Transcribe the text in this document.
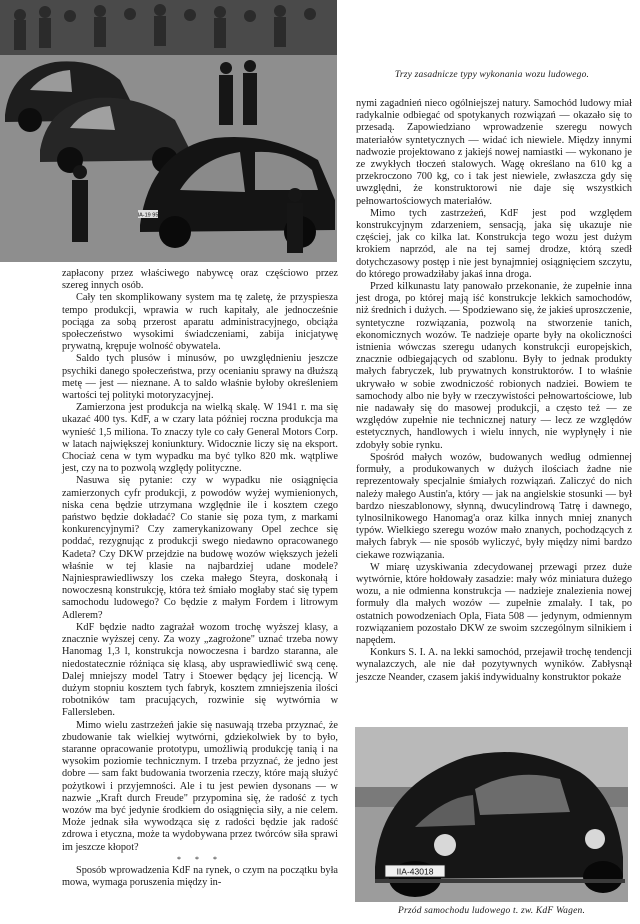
IA-19 95
Trzy zasadnicze typy wykonania wozu ludowego.

zapłacony przez właściwego nabywcę oraz częściowo przez szereg innych osób.

Cały ten skomplikowany system ma tę zaletę, że przyspiesza tempo produkcji, wprawia w ruch kapitały, ale jednocześnie pociąga za sobą przerost aparatu administracyjnego, obciąża społeczeństwo wysokimi świadczeniami, zabija inicjatywę prywatną, krępuje wolność obywatela.

Saldo tych plusów i minusów, po uwzględnieniu jeszcze psychiki danego społeczeństwa, przy ocenianiu sprawy na dłuższą metę — jest — nieznane. A to saldo właśnie byłoby określeniem wartości tej polityki motoryzacyjnej.

Zamierzona jest produkcja na wielką skalę. W 1941 r. ma się ukazać 400 tys. KdF, a w czary lata później roczna produkcja ma wynieść 1,5 miliona. To znaczy tyle co cały General Motors Corp. w latach największej koniunktury. Widocznie liczy się na eksport. Chociaż cena w tym wypadku ma być tylko 820 mk. wątpliwe jest, czy na to pozwolą względy polityczne.

Nasuwa się pytanie: czy w wypadku nie osiągnięcia zamierzonych cyfr produkcji, z powodów wyżej wymienionych, niska cena będzie utrzymana względnie ile i kosztem czego państwo będzie dokładać? Co stanie się poza tym, z markami konkurencyjnymi? Czy zamerykanizowany Opel zechce się poddać, rezygnując z produkcji swego niedawno opracowanego Kadeta? Czy DKW przejdzie na budowę wozów większych jeżeli właśnie w tej klasie na najbardziej udane modele? Najniesprawiedliwszy los czeka małego Steyra, doskonałą i nowoczesną konstrukcję, która też śmiało mogłaby stać się typem samochodu ludowego? Co będzie z małym Fordem i litrowym Adlerem?

KdF będzie nadto zagrażał wozom trochę wyższej klasy, a znacznie wyższej ceny. Za wozy „zagrożone" uznać trzeba nowy Hanomag 1,3 l, konstrukcja nowoczesna i bardzo staranna, ale niedostatecznie różniąca się klasą, aby usprawiedliwić swą cenę. Dalej mniejszy model Tatry i Stoewer będący jej licencją. W dużym stopniu kosztem tych fabryk, kosztem zmniejszenia ilości robotników tam pracujących, rozwinie się wytwórnia w Fallersleben.

Mimo wielu zastrzeżeń jakie się nasuwają trzeba przyznać, że zbudowanie tak wielkiej wytwórni, gdziekolwiek by to było, staranne opracowanie prototypu, umożliwią produkcję tanią i na wysokim poziomie technicznym. I trzeba przyznać, że jedno jest dobre — sam fakt budowania tworzenia rzeczy, które mają służyć pożytkowi i przyjemności. Ale i tu jest pewien dysonans — w nazwie „Kraft durch Freude" przypomina się, że radość z tych wozów ma być jedynie środkiem do osiągnięcia siły, a nie celem. Może jednak siła wywodząca się z radości będzie jak radość zdrowa i etyczna, może ta wydobywana przez twórców siła sprawi im jeszcze kłopot?

* * *

Sposób wprowadzenia KdF na rynek, o czym na początku była mowa, wymaga poruszenia między in-

nymi zagadnień nieco ogólniejszej natury. Samochód ludowy miał radykalnie odbiegać od spotykanych rozwiązań — okazało się to przesadą. Zapowiedziano wprowadzenie szeregu nowych materiałów syntetycznych — widać ich niewiele. Między innymi nadwozie projektowano z jakiejś nowej namiastki — wykonano je ze zwykłych tłoczeń stalowych. Wagę określano na 610 kg a przekroczono 700 kg, co i tak jest niewiele, zwłaszcza gdy się uwzględni, że konstruktorowi nie daje się wszystkich pełnowartościowych materiałów.

Mimo tych zastrzeżeń, KdF jest pod względem konstrukcyjnym zdarzeniem, sensacją, jaka się ukazuje nie częściej, jak co kilka lat. Konstrukcja tego wozu jest dużym krokiem naprzód, ale na tej samej drodze, którą szedł dotychczasowy postęp i nie jest bynajmniej osiągnięciem szczytu, do którego prowadziłaby jakaś inna droga.

Przed kilkunastu laty panowało przekonanie, że zupełnie inna jest droga, po której mają iść konstrukcje lekkich samochodów, niż średnich i dużych. — Spodziewano się, że jakieś uproszczenie, syntetyczne rozwiązania, pozwolą na stworzenie tanich, ekonomicznych wozów. Te nadzieje oparte były na okoliczności istnienia wówczas szeregu udanych konstrukcji europejskich, znacznie odbiegających od szablonu. Były to jednak produkty małych fabryczek, lub prywatnych konstruktorów. I to właśnie ukrywało w sobie zwodniczość robionych nadziei. Bowiem te samochody albo nie były w rzeczywistości pełnowartościowe, lub nie nadawały się do masowej produkcji, a często też — ze względów zupełnie nie technicznej natury — lecz ze względów estetycznych, handlowych i wielu innych, nie wypłynęły i nie zdobyły sobie rynku.

Spośród małych wozów, budowanych według odmiennej formuły, a produkowanych w dużych ilościach żadne nie reprezentowały specjalnie śmiałych rozwiązań. Zaliczyć do nich należy małego Austin'a, który — jak na angielskie stosunki — był bardzo nieszablonowy, słynną, dwucylindrową Tatrę i dawnego, tylnosilnikowego Hanomag'a oraz kilka innych mniej znanych typów. Wielkiego szeregu wozów mało znanych, pochodzących z małych fabryk — nie sposób wyliczyć, były między nimi bardzo ciekawe rozwiązania.

W miarę uzyskiwania zdecydowanej przewagi przez duże wytwórnie, które hołdowały zasadzie: mały wóz miniatura dużego wozu, a nie odmienna konstrukcja — nadzieje znalezienia nowej formuły dla małych wozów — zupełnie zmalały. I tak, po ostatnich powodzeniach Opla, Fiata 508 — jedynym, odmiennym rozwiązaniem pozostało DKW ze swoim szczególnym silnikiem i napędem.

Konkurs S. I. A. na lekki samochód, przejawił trochę tendencji wynalazczych, ale nie dał pozytywnych wyników. Zabłysnął jeszcze Neander, czasem jakiś indywidualny konstruktor pokaże

IIA-43018
Przód samochodu ludowego t. zw. KdF Wagen.
